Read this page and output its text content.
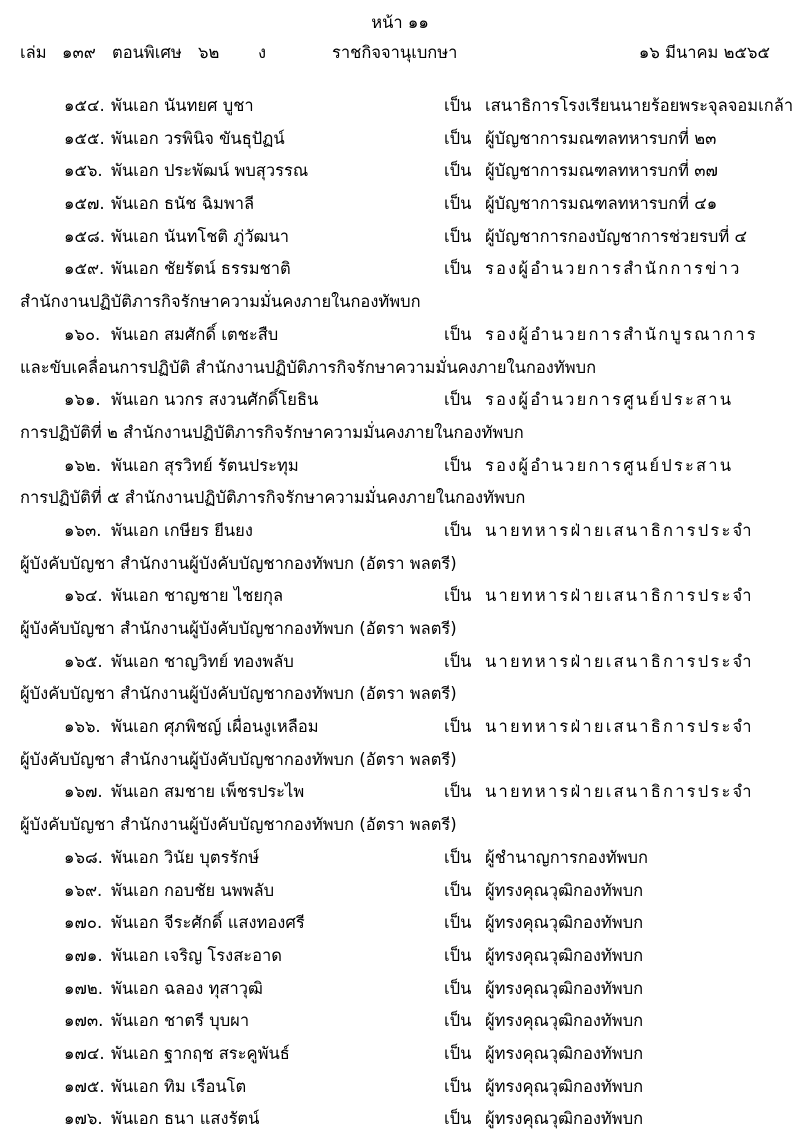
หน้า ๑๑
เล่ม ๑๓๙ ตอนพิเศษ ๖๒ ง	ราชกิจจานุเบกษา	๑๖ มีนาคม ๒๕๖๕
๑๕๔. พันเอก นันทยศ บูชา	เป็น เสนาธิการโรงเรียนนายร้อยพระจุลจอมเกล้า
๑๕๕. พันเอก วรพินิจ ขันธุปัฏน์	เป็น ผู้บัญชาการมณฑลทหารบกที่ ๒๓
๑๕๖. พันเอก ประพัฒน์ พบสุวรรณ	เป็น ผู้บัญชาการมณฑลทหารบกที่ ๓๗
๑๕๗. พันเอก ธนัช ฉิมพาลี	เป็น ผู้บัญชาการมณฑลทหารบกที่ ๔๑
๑๕๘. พันเอก นันทโชติ ภู่วัฒนา	เป็น ผู้บัญชาการกองบัญชาการช่วยรบที่ ๔
๑๕๙. พันเอก ชัยรัตน์ ธรรมชาติ	เป็น รองผู้อำนวยการสำนักการข่าว
สำนักงานปฏิบัติภารกิจรักษาความมั่นคงภายในกองทัพบก
๑๖๐. พันเอก สมศักดิ์ เตชะสืบ	เป็น รองผู้อำนวยการสำนักบูรณาการ
และขับเคลื่อนการปฏิบัติ สำนักงานปฏิบัติภารกิจรักษาความมั่นคงภายในกองทัพบก
๑๖๑. พันเอก นวกร สงวนศักดิ์โยธิน	เป็น รองผู้อำนวยการศูนย์ประสาน
การปฏิบัติที่ ๒ สำนักงานปฏิบัติภารกิจรักษาความมั่นคงภายในกองทัพบก
๑๖๒. พันเอก สุรวิทย์ รัตนประทุม	เป็น รองผู้อำนวยการศูนย์ประสาน
การปฏิบัติที่ ๕ สำนักงานปฏิบัติภารกิจรักษาความมั่นคงภายในกองทัพบก
๑๖๓. พันเอก เกษียร ยีนยง	เป็น นายทหารฝ่ายเสนาธิการประจำ
ผู้บังคับบัญชา สำนักงานผู้บังคับบัญชากองทัพบก (อัตรา พลตรี)
๑๖๔. พันเอก ชาญชาย ไชยกุล	เป็น นายทหารฝ่ายเสนาธิการประจำ
ผู้บังคับบัญชา สำนักงานผู้บังคับบัญชากองทัพบก (อัตรา พลตรี)
๑๖๕. พันเอก ชาญวิทย์ ทองพลับ	เป็น นายทหารฝ่ายเสนาธิการประจำ
ผู้บังคับบัญชา สำนักงานผู้บังคับบัญชากองทัพบก (อัตรา พลตรี)
๑๖๖. พันเอก ศุภพิชญ์ เผื่อนงูเหลือม	เป็น นายทหารฝ่ายเสนาธิการประจำ
ผู้บังคับบัญชา สำนักงานผู้บังคับบัญชากองทัพบก (อัตรา พลตรี)
๑๖๗. พันเอก สมชาย เพ็ชรประไพ	เป็น นายทหารฝ่ายเสนาธิการประจำ
ผู้บังคับบัญชา สำนักงานผู้บังคับบัญชากองทัพบก (อัตรา พลตรี)
๑๖๘. พันเอก วินัย บุตรรักษ์	เป็น ผู้ชำนาญการกองทัพบก
๑๖๙. พันเอก กอบชัย นพพลับ	เป็น ผู้ทรงคุณวุฒิกองทัพบก
๑๗๐. พันเอก จีระศักดิ์ แสงทองศรี	เป็น ผู้ทรงคุณวุฒิกองทัพบก
๑๗๑. พันเอก เจริญ โรงสะอาด	เป็น ผู้ทรงคุณวุฒิกองทัพบก
๑๗๒. พันเอก ฉลอง ทุสาวุฒิ	เป็น ผู้ทรงคุณวุฒิกองทัพบก
๑๗๓. พันเอก ชาตรี บุบผา	เป็น ผู้ทรงคุณวุฒิกองทัพบก
๑๗๔. พันเอก ฐากฤช สระคูพันธ์	เป็น ผู้ทรงคุณวุฒิกองทัพบก
๑๗๕. พันเอก ทิม เรือนโต	เป็น ผู้ทรงคุณวุฒิกองทัพบก
๑๗๖. พันเอก ธนา แสงรัตน์	เป็น ผู้ทรงคุณวุฒิกองทัพบก
